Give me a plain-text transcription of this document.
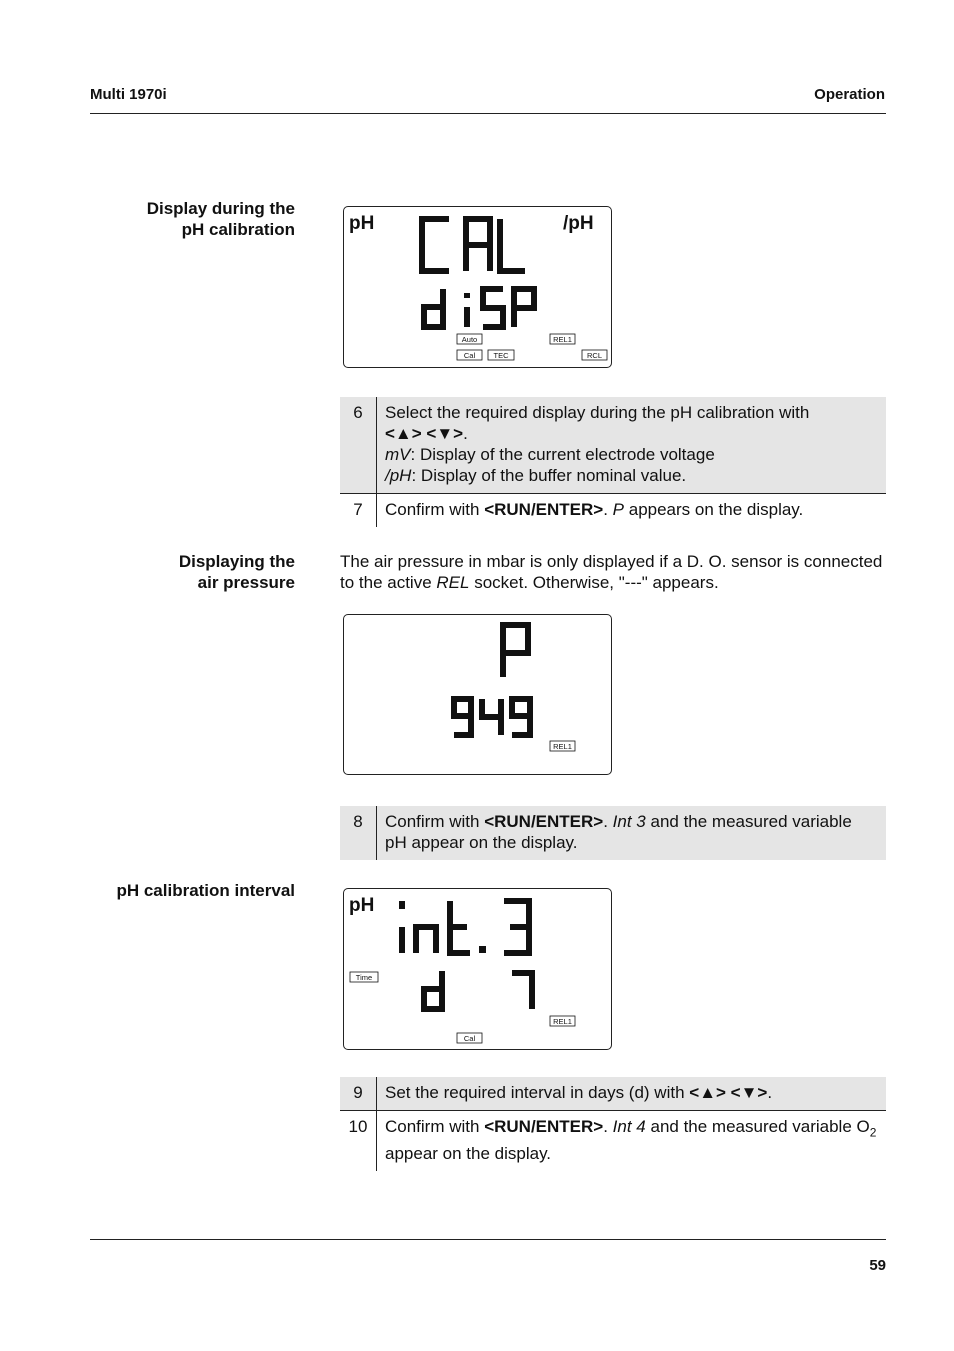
Multi 1970i	Operation
Display during the
pH calibration	pH	/pH
Auto	REL1
Cal TEC	RCL
6	Select the required display during the pH calibration with
<▲> <▼>.
mV: Display of the current electrode voltage
/pH: Display of the buffer nominal value.
7	Confirm with <RUN/ENTER>. P appears on the display.
Displaying the
air pressure
The air pressure in mbar is only displayed if a D. O. sensor is connected to the active REL socket. Otherwise, "---" appears.
REL1
8	Confirm with <RUN/ENTER>. Int 3 and the measured variable pH appear on the display.
pH calibration interval
pH
Time
REL1
Cal
9	Set the required interval in days (d) with <▲> <▼>.
10	Confirm with <RUN/ENTER>. Int 4 and the measured variable $O_2$ appear on the display.
59
